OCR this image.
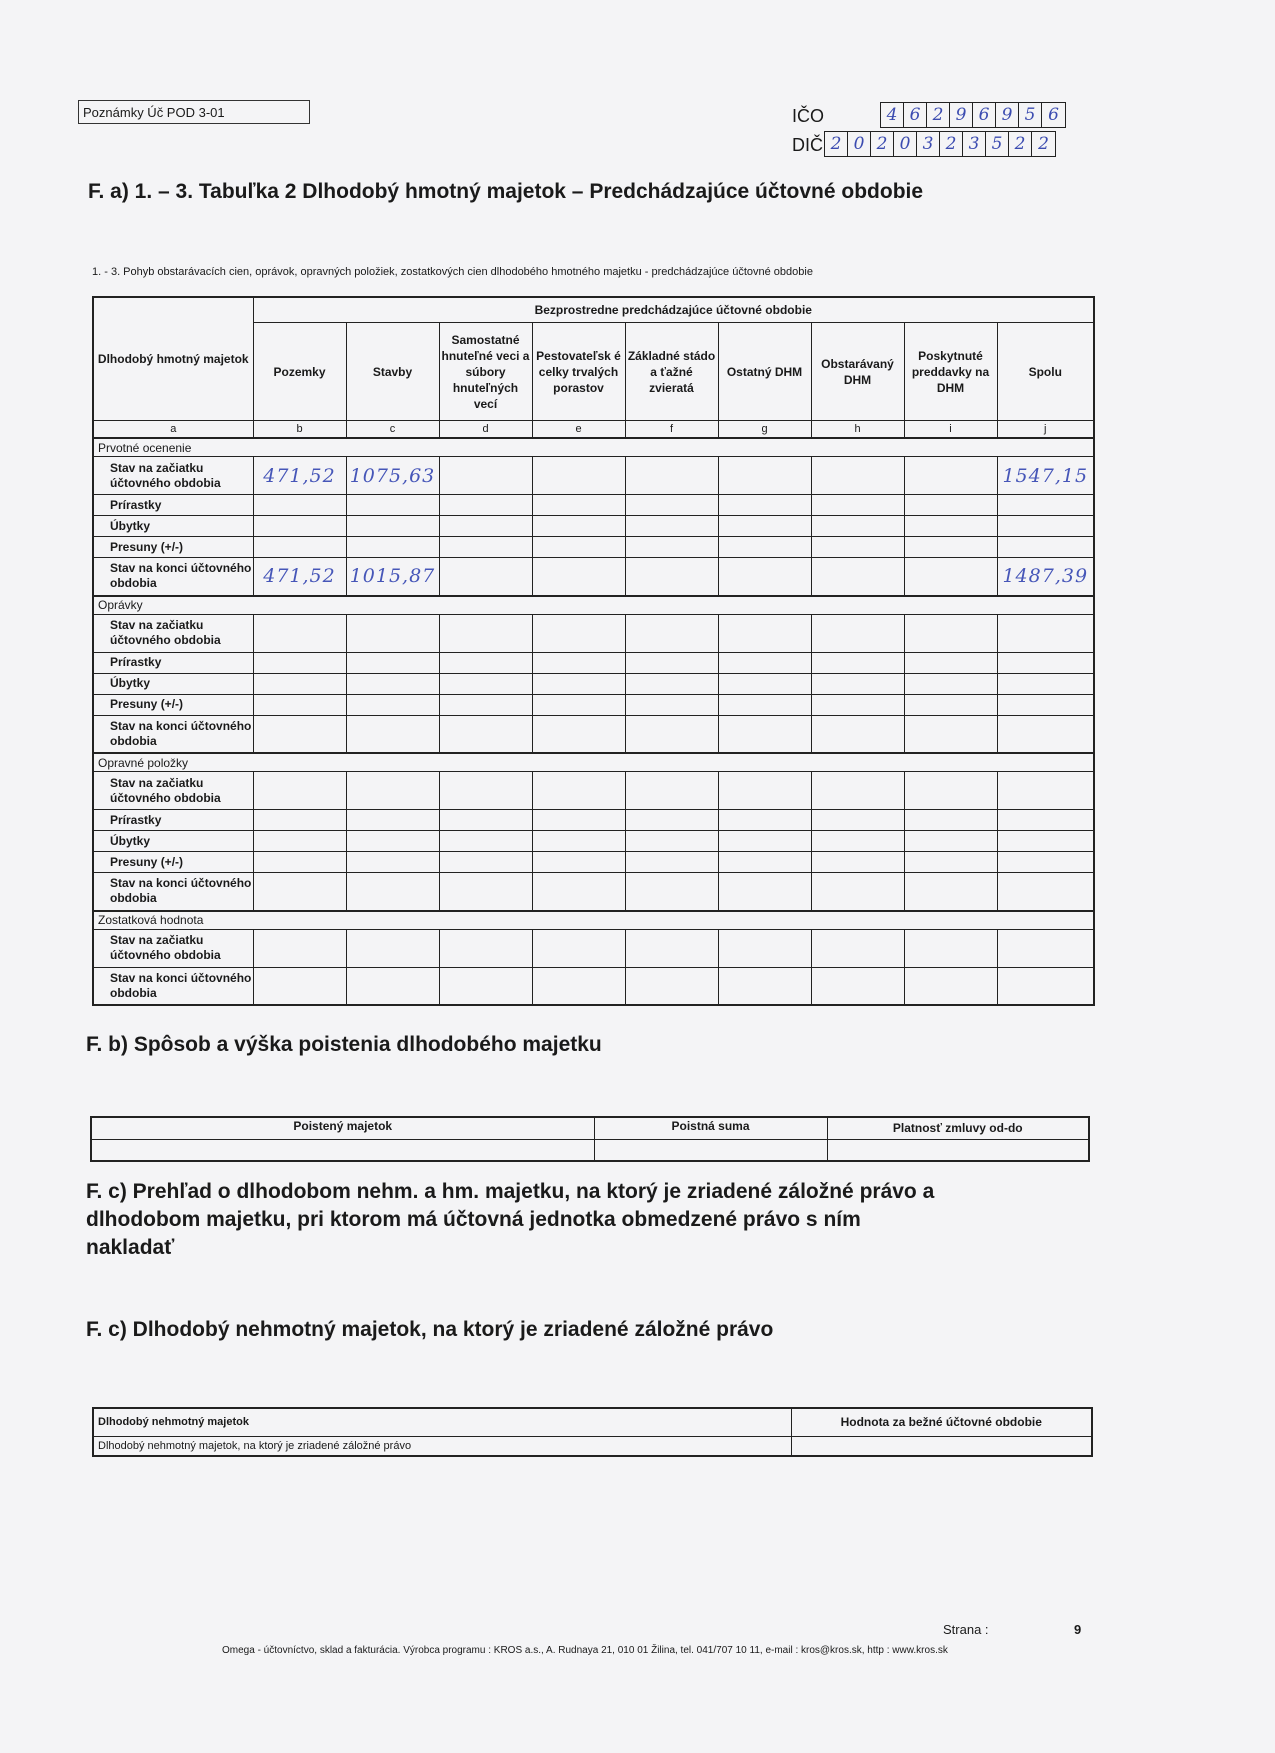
Poznámky Úč POD 3-01	IČO	4 6 2 9 6 9 5 6
DIČ 2 0 2 0 3 2 3 5 2 2
F. a) 1. – 3. Tabuľka 2 Dlhodobý hmotný majetok – Predchádzajúce účtovné obdobie
1. - 3. Pohyb obstarávacích cien, oprávok, opravných položiek, zostatkových cien dlhodobého hmotného majetku - predchádzajúce účtovné obdobie
Dlhodobý hmotný majetok	Bezprostredne predchádzajúce účtovné obdobie								
	Pozemky	Stavby	Samostatné hnuteľné veci a súbory hnuteľných vecí	Pestovateľsk é celky trvalých porastov	Základné stádo a ťažné zvieratá	Ostatný DHM	Obstarávaný DHM	Poskytnuté preddavky na DHM	Spolu
a	b	c	d	e	f	g	h	i	j
Prvotné ocenenie									
Stav na začiatku účtovného obdobia	471,52	1075,63							1547,15
Prírastky									
Úbytky									
Presuny (+/-)									
Stav na konci účtovného obdobia	471,52	1015,87							1487,39
Oprávky									
Stav na začiatku účtovného obdobia									
Prírastky									
Úbytky									
Presuny (+/-)									
Stav na konci účtovného obdobia									
Opravné položky									
Stav na začiatku účtovného obdobia									
Prírastky									
Úbytky									
Presuny (+/-)									
Stav na konci účtovného obdobia									
Zostatková hodnota									
Stav na začiatku účtovného obdobia									
Stav na konci účtovného obdobia									
F. b) Spôsob a výška poistenia dlhodobého majetku
Poistený majetok	Poistná suma	Platnosť zmluvy od-do

F. c) Prehľad o dlhodobom nehm. a hm. majetku, na ktorý je zriadené záložné právo a
dlhodobom majetku, pri ktorom má účtovná jednotka obmedzené právo s ním
nakladať
F. c) Dlhodobý nehmotný majetok, na ktorý je zriadené záložné právo
Dlhodobý nehmotný majetok	Hodnota za bežné účtovné obdobie
Dlhodobý nehmotný majetok, na ktorý je zriadené záložné právo	
Strana :	9
Omega - účtovníctvo, sklad a fakturácia. Výrobca programu : KROS a.s., A. Rudnaya 21, 010 01 Žilina, tel. 041/707 10 11, e-mail : kros@kros.sk, http : www.kros.sk
